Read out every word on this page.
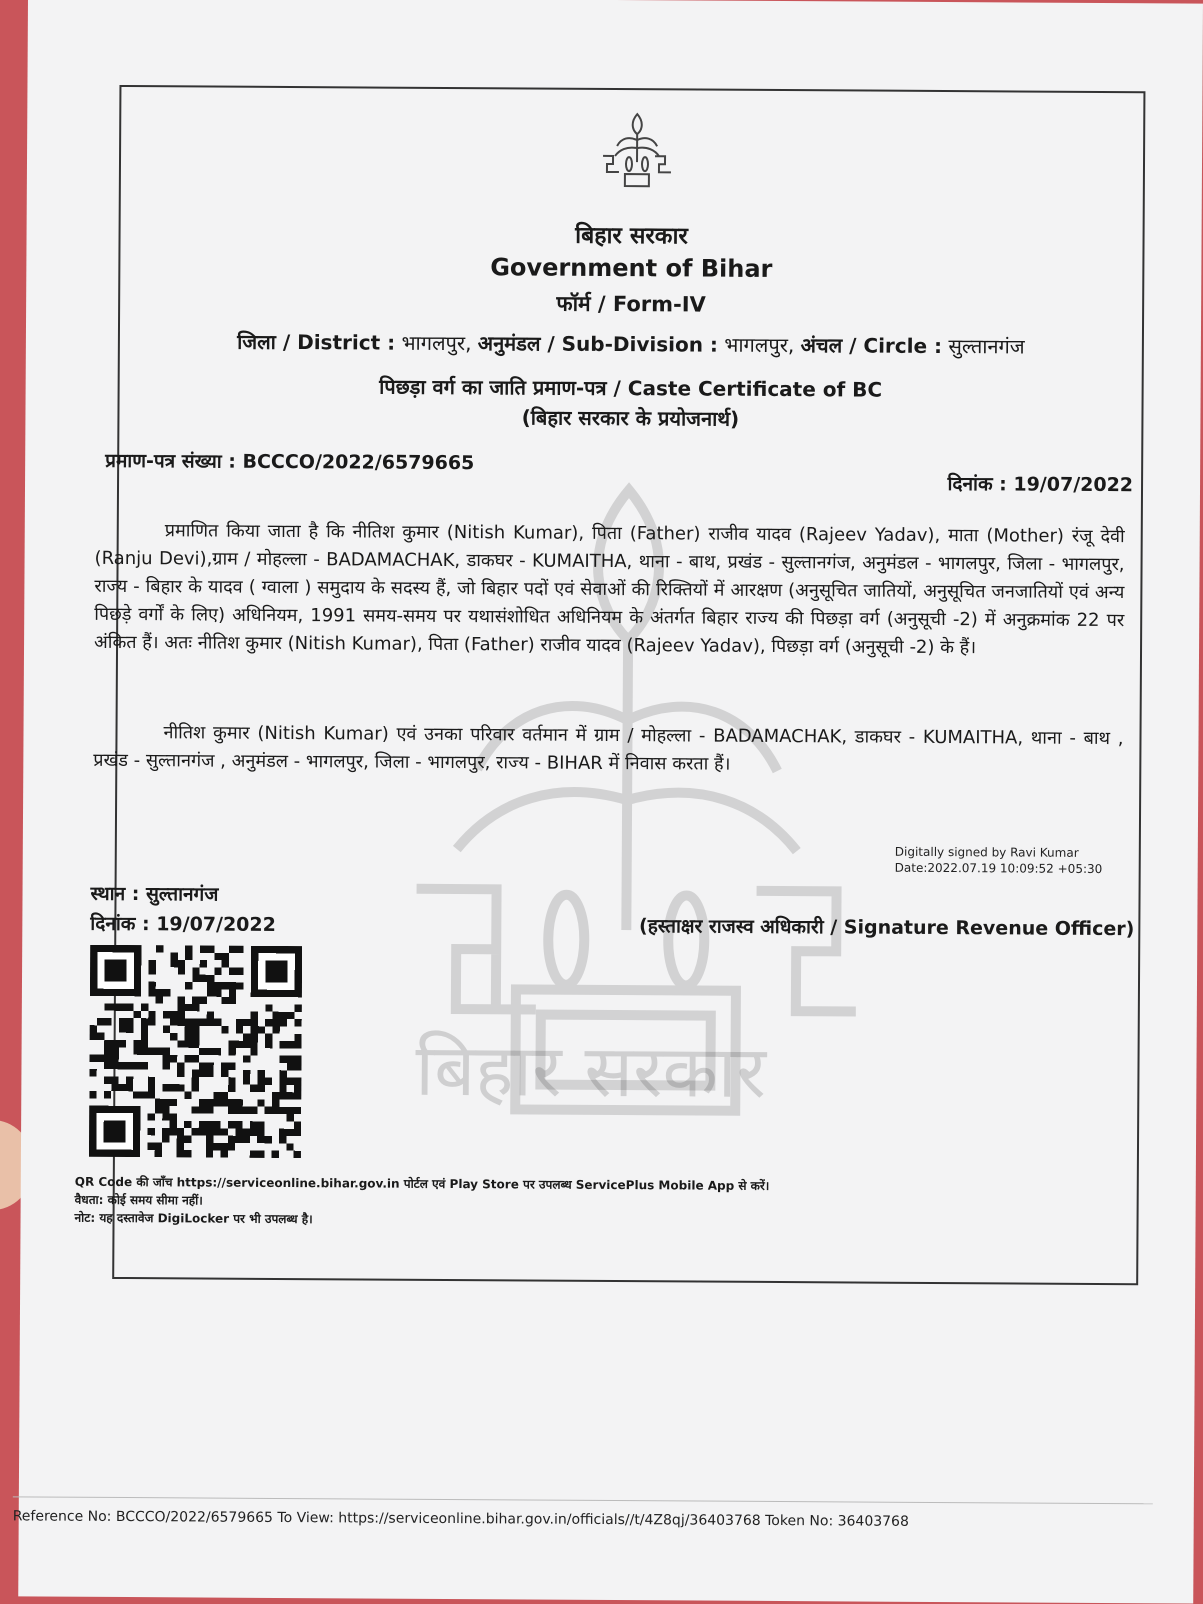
बिहार सरकार
बिहार सरकार
Government of Bihar
फॉर्म / Form-IV
जिला / District : भागलपुर, अनुमंडल / Sub-Division : भागलपुर, अंचल / Circle : सुल्तानगंज
पिछड़ा वर्ग का जाति प्रमाण-पत्र / Caste Certificate of BC
(बिहार सरकार के प्रयोजनार्थ)
प्रमाण-पत्र संख्या : BCCCO/2022/6579665
दिनांक : 19/07/2022

प्रमाणित किया जाता है कि नीतिश कुमार (Nitish Kumar), पिता (Father) राजीव यादव (Rajeev Yadav), माता (Mother) रंजू देवी (Ranju Devi),ग्राम / मोहल्ला - BADAMACHAK, डाकघर - KUMAITHA, थाना - बाथ, प्रखंड - सुल्तानगंज, अनुमंडल - भागलपुर, जिला - भागलपुर, राज्य - बिहार के यादव ( ग्वाला ) समुदाय के सदस्य हैं, जो बिहार पदों एवं सेवाओं की रिक्तियों में आरक्षण (अनुसूचित जातियों, अनुसूचित जनजातियों एवं अन्य पिछड़े वर्गों के लिए) अधिनियम, 1991 समय-समय पर यथासंशोधित अधिनियम के अंतर्गत बिहार राज्य की पिछड़ा वर्ग (अनुसूची -2) में अनुक्रमांक 22 पर अंकित हैं। अतः नीतिश कुमार (Nitish Kumar), पिता (Father) राजीव यादव (Rajeev Yadav), पिछड़ा वर्ग (अनुसूची -2) के हैं।

नीतिश कुमार (Nitish Kumar) एवं उनका परिवार वर्तमान में ग्राम / मोहल्ला - BADAMACHAK, डाकघर - KUMAITHA, थाना - बाथ , प्रखंड - सुल्तानगंज , अनुमंडल - भागलपुर, जिला - भागलपुर, राज्य - BIHAR में निवास करता हैं।

Digitally signed by Ravi Kumar
Date:2022.07.19 10:09:52 +05:30
स्थान : सुल्तानगंज
दिनांक : 19/07/2022	(हस्ताक्षर राजस्व अधिकारी / Signature Revenue Officer)
QR Code की जाँच https://serviceonline.bihar.gov.in पोर्टल एवं Play Store पर उपलब्ध ServicePlus Mobile App से करें।
वैधता: कोई समय सीमा नहीं।
नोट: यह दस्तावेज DigiLocker पर भी उपलब्ध है।
Reference No: BCCCO/2022/6579665 To View: https://serviceonline.bihar.gov.in/officials//t/4Z8qj/36403768 Token No: 36403768
